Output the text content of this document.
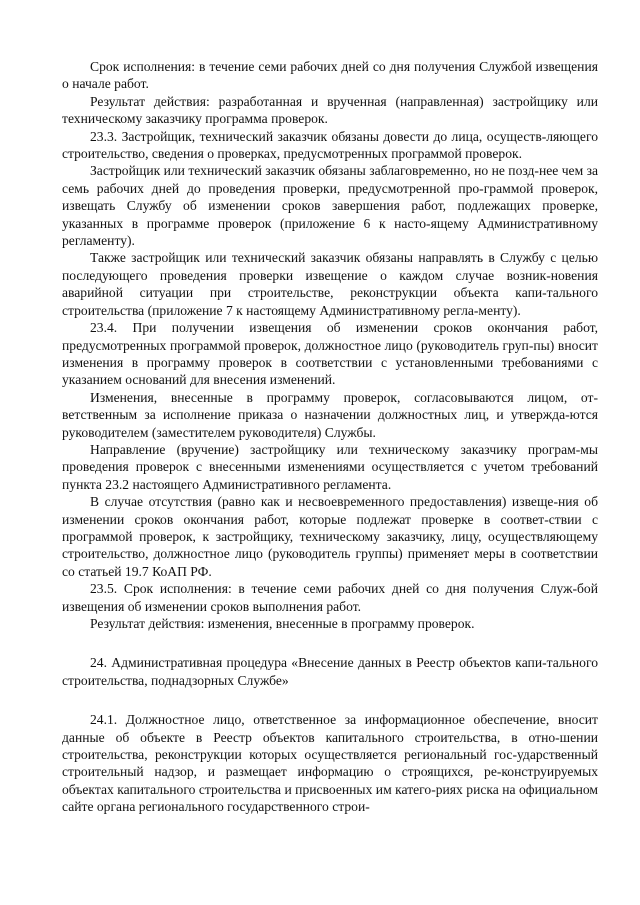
Срок исполнения: в течение семи рабочих дней со дня получения Службой извещения о начале работ.

Результат действия: разработанная и врученная (направленная) застройщику или техническому заказчику программа проверок.

23.3. Застройщик, технический заказчик обязаны довести до лица, осуществ-ляющего строительство, сведения о проверках, предусмотренных программой проверок.

Застройщик или технический заказчик обязаны заблаговременно, но не позд-нее чем за семь рабочих дней до проведения проверки, предусмотренной про-граммой проверок, извещать Службу об изменении сроков завершения работ, подлежащих проверке, указанных в программе проверок (приложение 6 к насто-ящему Административному регламенту).

Также застройщик или технический заказчик обязаны направлять в Службу с целью последующего проведения проверки извещение о каждом случае возник-новения аварийной ситуации при строительстве, реконструкции объекта капи-тального строительства (приложение 7 к настоящему Административному регла-менту).

23.4. При получении извещения об изменении сроков окончания работ, предусмотренных программой проверок, должностное лицо (руководитель груп-пы) вносит изменения в программу проверок в соответствии с установленными требованиями с указанием оснований для внесения изменений.

Изменения, внесенные в программу проверок, согласовываются лицом, от-ветственным за исполнение приказа о назначении должностных лиц, и утвержда-ются руководителем (заместителем руководителя) Службы.

Направление (вручение) застройщику или техническому заказчику програм-мы проведения проверок с внесенными изменениями осуществляется с учетом требований пункта 23.2 настоящего Административного регламента.

В случае отсутствия (равно как и несвоевременного предоставления) извеще-ния об изменении сроков окончания работ, которые подлежат проверке в соответ-ствии с программой проверок, к застройщику, техническому заказчику, лицу, осуществляющему строительство, должностное лицо (руководитель группы) применяет меры в соответствии со статьей 19.7 КоАП РФ.

23.5. Срок исполнения: в течение семи рабочих дней со дня получения Служ-бой извещения об изменении сроков выполнения работ.

Результат действия: изменения, внесенные в программу проверок.

24. Административная процедура «Внесение данных в Реестр объектов капи-тального строительства, поднадзорных Службе»

24.1. Должностное лицо, ответственное за информационное обеспечение, вносит данные об объекте в Реестр объектов капитального строительства, в отно-шении строительства, реконструкции которых осуществляется региональный гос-ударственный строительный надзор, и размещает информацию о строящихся, ре-конструируемых объектах капитального строительства и присвоенных им катего-риях риска на официальном сайте органа регионального государственного строи-
